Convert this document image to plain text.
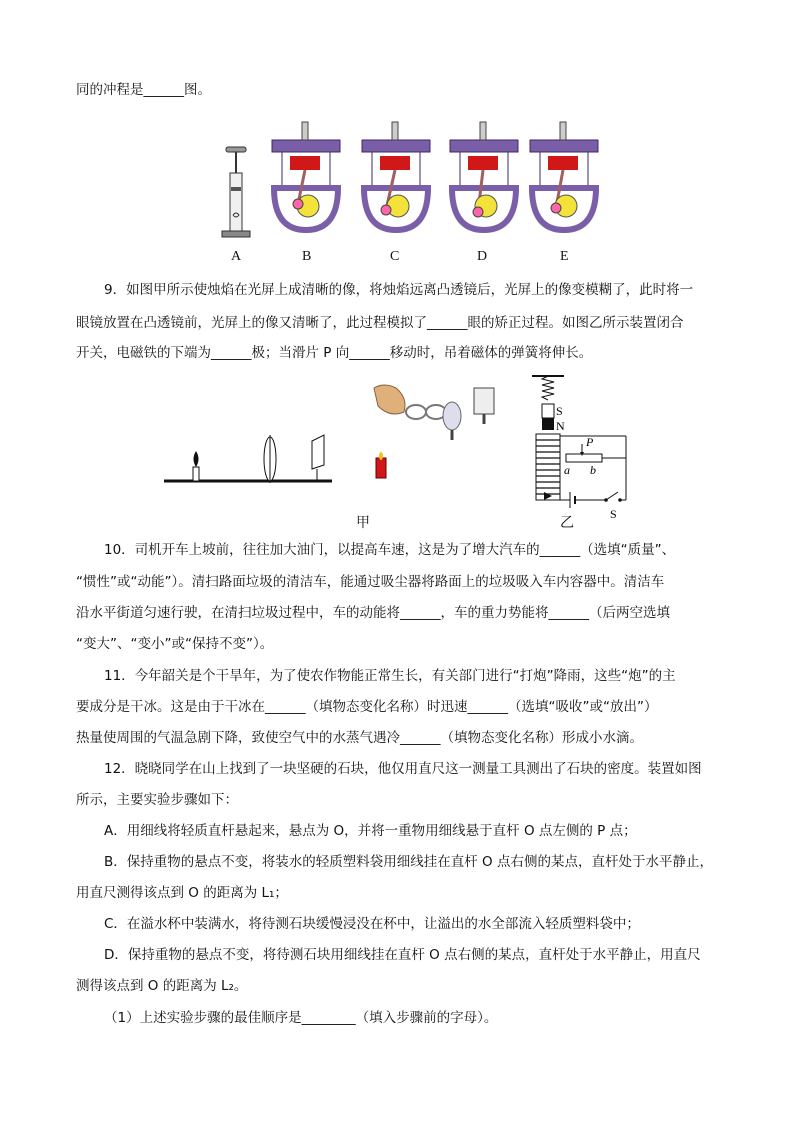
同的冲程是______图。
A	B	C	D	E
9．如图甲所示使烛焰在光屏上成清晰的像，将烛焰远离凸透镜后，光屏上的像变模糊了，此时将一
眼镜放置在凸透镜前，光屏上的像又清晰了，此过程模拟了______眼的矫正过程。如图乙所示装置闭合
开关，电磁铁的下端为______极；当滑片 P 向______移动时，吊着磁体的弹簧将伸长。
甲
S
N
P
a b
S
乙
10．司机开车上坡前，往往加大油门，以提高车速，这是为了增大汽车的______（选填“质量”、
“惯性”或“动能”）。清扫路面垃圾的清洁车，能通过吸尘器将路面上的垃圾吸入车内容器中。清洁车
沿水平街道匀速行驶，在清扫垃圾过程中，车的动能将______，车的重力势能将______（后两空选填
“变大”、“变小”或“保持不变”）。
11．今年韶关是个干旱年，为了使农作物能正常生长，有关部门进行“打炮”降雨，这些“炮”的主
要成分是干冰。这是由于干冰在______（填物态变化名称）时迅速______（选填“吸收”或“放出”）
热量使周围的气温急剧下降，致使空气中的水蒸气遇冷______（填物态变化名称）形成小水滴。
12．晓晓同学在山上找到了一块坚硬的石块，他仅用直尺这一测量工具测出了石块的密度。装置如图
所示，主要实验步骤如下：
A．用细线将轻质直杆悬起来，悬点为 O，并将一重物用细线悬于直杆 O 点左侧的 P 点；
B．保持重物的悬点不变，将装水的轻质塑料袋用细线挂在直杆 O 点右侧的某点，直杆处于水平静止，
用直尺测得该点到 O 的距离为 L₁；
C．在溢水杯中装满水，将待测石块缓慢浸没在杯中，让溢出的水全部流入轻质塑料袋中；
D．保持重物的悬点不变，将待测石块用细线挂在直杆 O 点右侧的某点，直杆处于水平静止，用直尺
测得该点到 O 的距离为 L₂。
（1）上述实验步骤的最佳顺序是________（填入步骤前的字母）。
